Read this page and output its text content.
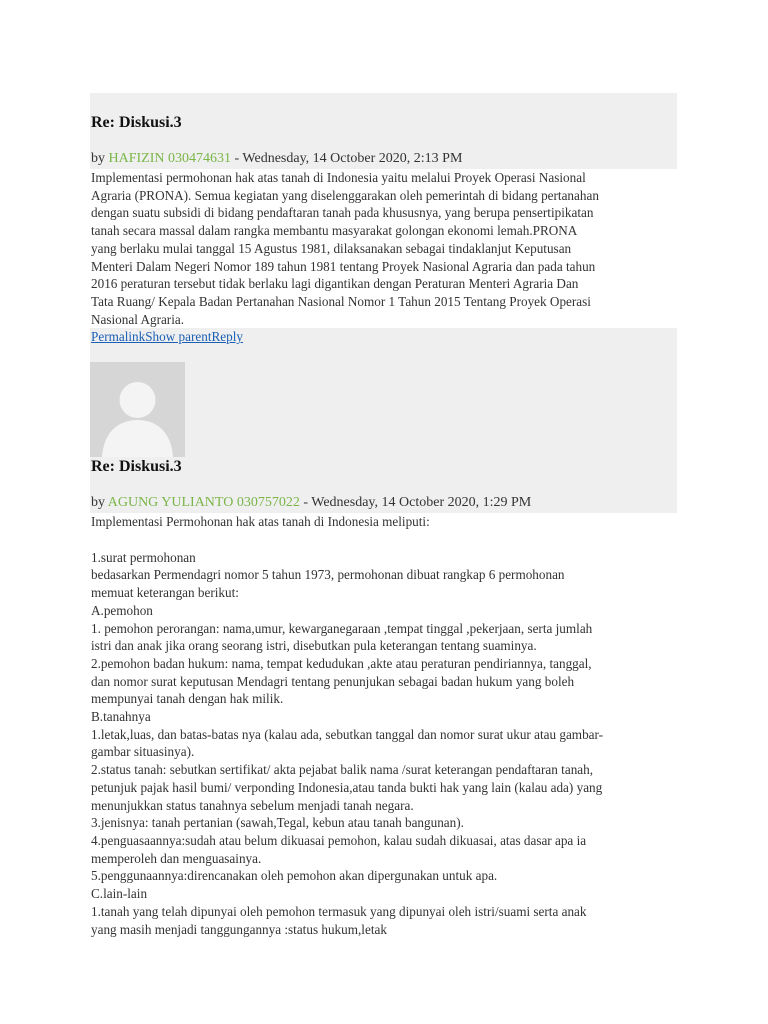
Re: Diskusi.3
by HAFIZIN 030474631 - Wednesday, 14 October 2020, 2:13 PM
Implementasi permohonan hak atas tanah di Indonesia yaitu melalui Proyek Operasi Nasional
Agraria (PRONA). Semua kegiatan yang diselenggarakan oleh pemerintah di bidang pertanahan
dengan suatu subsidi di bidang pendaftaran tanah pada khususnya, yang berupa pensertipikatan
tanah secara massal dalam rangka membantu masyarakat golongan ekonomi lemah.PRONA
yang berlaku mulai tanggal 15 Agustus 1981, dilaksanakan sebagai tindaklanjut Keputusan
Menteri Dalam Negeri Nomor 189 tahun 1981 tentang Proyek Nasional Agraria dan pada tahun
2016 peraturan tersebut tidak berlaku lagi digantikan dengan Peraturan Menteri Agraria Dan
Tata Ruang/ Kepala Badan Pertanahan Nasional Nomor 1 Tahun 2015 Tentang Proyek Operasi
Nasional Agraria.
PermalinkShow parentReply
Re: Diskusi.3
by AGUNG YULIANTO 030757022 - Wednesday, 14 October 2020, 1:29 PM
Implementasi Permohonan hak atas tanah di Indonesia meliputi:

1.surat permohonan
bedasarkan Permendagri nomor 5 tahun 1973, permohonan dibuat rangkap 6 permohonan
memuat keterangan berikut:
A.pemohon
1. pemohon perorangan: nama,umur, kewarganegaraan ,tempat tinggal ,pekerjaan, serta jumlah
istri dan anak jika orang seorang istri, disebutkan pula keterangan tentang suaminya.
2.pemohon badan hukum: nama, tempat kedudukan ,akte atau peraturan pendiriannya, tanggal,
dan nomor surat keputusan Mendagri tentang penunjukan sebagai badan hukum yang boleh
mempunyai tanah dengan hak milik.
B.tanahnya
1.letak,luas, dan batas-batas nya (kalau ada, sebutkan tanggal dan nomor surat ukur atau gambar-
gambar situasinya).
2.status tanah: sebutkan sertifikat/ akta pejabat balik nama /surat keterangan pendaftaran tanah,
petunjuk pajak hasil bumi/ verponding Indonesia,atau tanda bukti hak yang lain (kalau ada) yang
menunjukkan status tanahnya sebelum menjadi tanah negara.
3.jenisnya: tanah pertanian (sawah,Tegal, kebun atau tanah bangunan).
4.penguasaannya:sudah atau belum dikuasai pemohon, kalau sudah dikuasai, atas dasar apa ia
memperoleh dan menguasainya.
5.penggunaannya:direncanakan oleh pemohon akan dipergunakan untuk apa.
C.lain-lain
1.tanah yang telah dipunyai oleh pemohon termasuk yang dipunyai oleh istri/suami serta anak
yang masih menjadi tanggungannya :status hukum,letak
